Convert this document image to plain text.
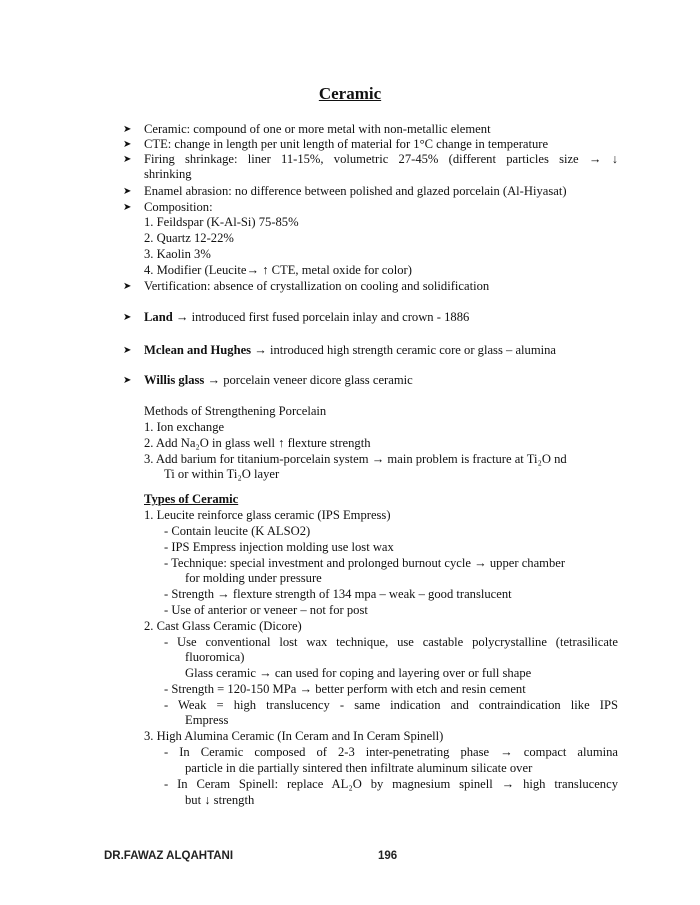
Ceramic
➤ Ceramic: compound of one or more metal with non-metallic element
➤ CTE: change in length per unit length of material for 1°C change in temperature
➤ Firing shrinkage: liner 11-15%, volumetric 27-45% (different particles size → ↓
shrinking
➤ Enamel abrasion: no difference between polished and glazed porcelain (Al-Hiyasat)
➤ Composition:
1. Feildspar (K-Al-Si) 75-85%
2. Quartz 12-22%
3. Kaolin 3%
4. Modifier (Leucite→ ↑ CTE, metal oxide for color)
➤ Vertification: absence of crystallization on cooling and solidification
➤ Land → introduced first fused porcelain inlay and crown - 1886
➤ Mclean and Hughes → introduced high strength ceramic core or glass – alumina
➤ Willis glass → porcelain veneer dicore glass ceramic
Methods of Strengthening Porcelain
1. Ion exchange
2. Add Na₂O in glass well ↑ flexture strength
3. Add barium for titanium-porcelain system → main problem is fracture at Ti₂O nd
Ti or within Ti₂O layer
Types of Ceramic
1. Leucite reinforce glass ceramic (IPS Empress)
- Contain leucite (K ALSO2)
- IPS Empress injection molding use lost wax
- Technique: special investment and prolonged burnout cycle → upper chamber
for molding under pressure
- Strength → flexture strength of 134 mpa – weak – good translucent
- Use of anterior or veneer – not for post
2. Cast Glass Ceramic (Dicore)
- Use conventional lost wax technique, use castable polycrystalline (tetrasilicate
fluoromica)
Glass ceramic → can used for coping and layering over or full shape
- Strength = 120-150 MPa → better perform with etch and resin cement
- Weak = high translucency - same indication and contraindication like IPS
Empress
3. High Alumina Ceramic (In Ceram and In Ceram Spinell)
- In Ceramic composed of 2-3 inter-penetrating phase → compact alumina
particle in die partially sintered then infiltrate aluminum silicate over
- In Ceram Spinell: replace AL₂O by magnesium spinell → high translucency
but ↓ strength
DR.FAWAZ ALQAHTANI	196
